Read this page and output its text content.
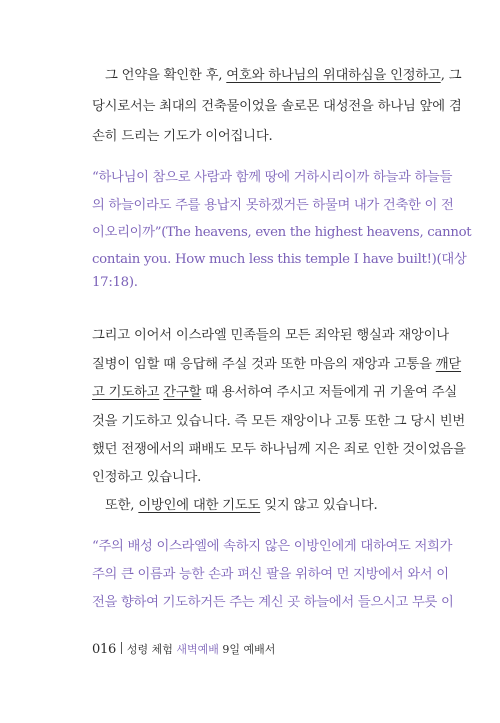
그 언약을 확인한 후, 여호와 하나님의 위대하심을 인정하고, 그
당시로서는 최대의 건축물이었을 솔로몬 대성전을 하나님 앞에 겸
손히 드리는 기도가 이어집니다.
“하나님이 참으로 사람과 함께 땅에 거하시리이까 하늘과 하늘들
의 하늘이라도 주를 용납지 못하겠거든 하물며 내가 건축한 이 전
이오리이까”(The heavens, even the highest heavens, cannot
contain you. How much less this temple I have built!)(대상
17:18).
그리고 이어서 이스라엘 민족들의 모든 죄악된 행실과 재앙이나
질병이 임할 때 응답해 주실 것과 또한 마음의 재앙과 고통을 깨닫
고 기도하고 간구할 때 용서하여 주시고 저들에게 귀 기울여 주실
것을 기도하고 있습니다. 즉 모든 재앙이나 고통 또한 그 당시 빈번
했던 전쟁에서의 패배도 모두 하나님께 지은 죄로 인한 것이었음을
인정하고 있습니다.
또한, 이방인에 대한 기도도 잊지 않고 있습니다.
“주의 배성 이스라엘에 속하지 않은 이방인에게 대하여도 저희가
주의 큰 이름과 능한 손과 펴신 팔을 위하여 먼 지방에서 와서 이
전을 향하여 기도하거든 주는 계신 곳 하늘에서 들으시고 무릇 이
016 성령 체험 새벽예배 9일 예배서
